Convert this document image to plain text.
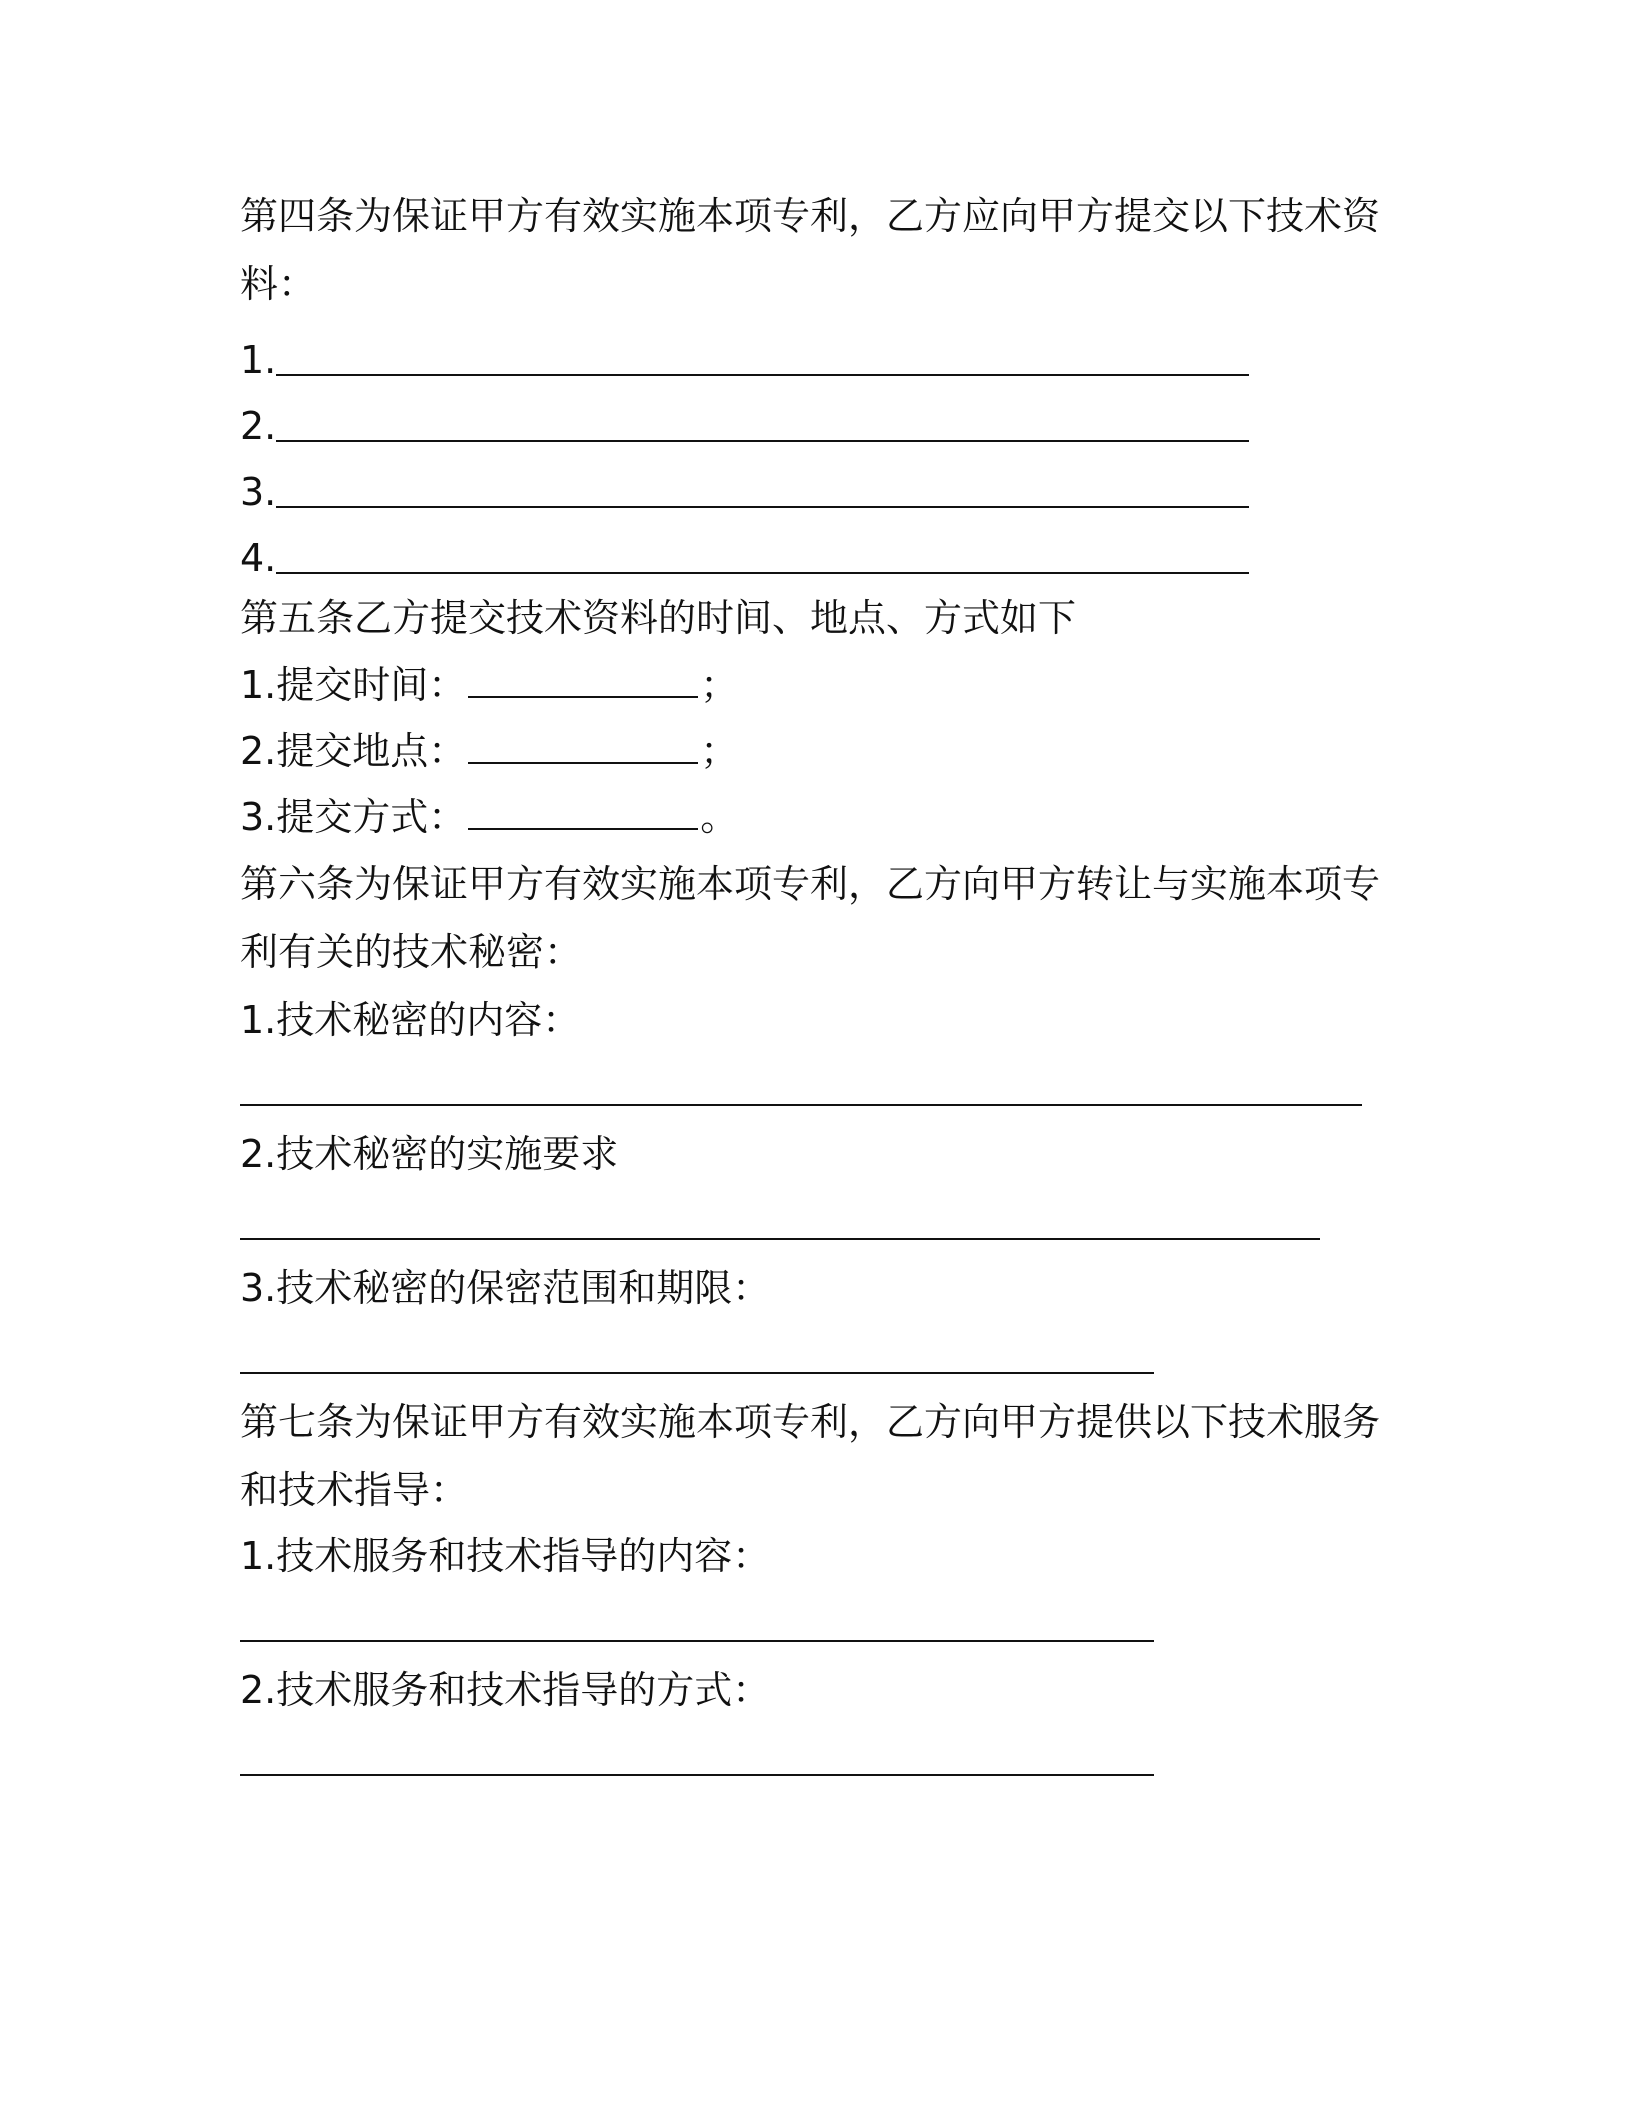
第四条为保证甲方有效实施本项专利，乙方应向甲方提交以下技术资
料：
1.
2.
3.
4.
第五条乙方提交技术资料的时间、地点、方式如下
1.提交时间：	；
2.提交地点：	；
3.提交方式：	。
第六条为保证甲方有效实施本项专利，乙方向甲方转让与实施本项专
利有关的技术秘密：
1.技术秘密的内容：
2.技术秘密的实施要求
3.技术秘密的保密范围和期限：
第七条为保证甲方有效实施本项专利，乙方向甲方提供以下技术服务
和技术指导：
1.技术服务和技术指导的内容：
2.技术服务和技术指导的方式：
